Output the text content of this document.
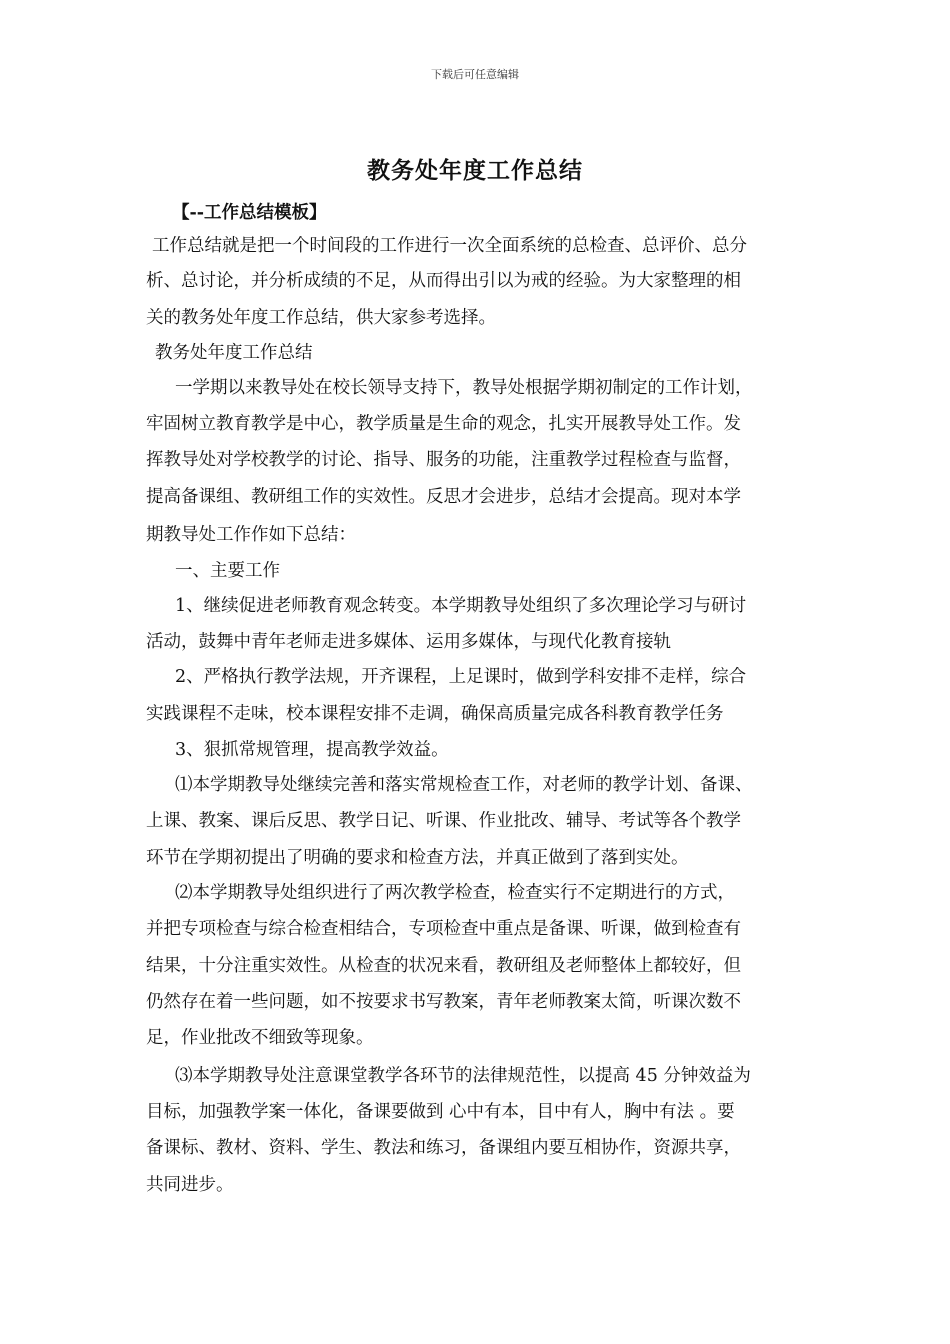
下载后可任意编辑
教务处年度工作总结
【--工作总结模板】
工作总结就是把一个时间段的工作进行一次全面系统的总检查、总评价、总分
析、总讨论，并分析成绩的不足，从而得出引以为戒的经验。为大家整理的相
关的教务处年度工作总结，供大家参考选择。
教务处年度工作总结
一学期以来教导处在校长领导支持下，教导处根据学期初制定的工作计划，
牢固树立教育教学是中心，教学质量是生命的观念，扎实开展教导处工作。发
挥教导处对学校教学的讨论、指导、服务的功能，注重教学过程检查与监督，
提高备课组、教研组工作的实效性。反思才会进步，总结才会提高。现对本学
期教导处工作作如下总结：
一、主要工作
1、继续促进老师教育观念转变。本学期教导处组织了多次理论学习与研讨
活动，鼓舞中青年老师走进多媒体、运用多媒体，与现代化教育接轨
2、严格执行教学法规，开齐课程，上足课时，做到学科安排不走样，综合
实践课程不走味，校本课程安排不走调，确保高质量完成各科教育教学任务
3、狠抓常规管理，提高教学效益。
⑴本学期教导处继续完善和落实常规检查工作，对老师的教学计划、备课、
上课、教案、课后反思、教学日记、听课、作业批改、辅导、考试等各个教学
环节在学期初提出了明确的要求和检查方法，并真正做到了落到实处。
⑵本学期教导处组织进行了两次教学检查，检查实行不定期进行的方式，
并把专项检查与综合检查相结合，专项检查中重点是备课、听课，做到检查有
结果，十分注重实效性。从检查的状况来看，教研组及老师整体上都较好，但
仍然存在着一些问题，如不按要求书写教案，青年老师教案太简，听课次数不
足，作业批改不细致等现象。
⑶本学期教导处注意课堂教学各环节的法律规范性，以提高 45 分钟效益为
目标，加强教学案一体化，备课要做到 心中有本，目中有人，胸中有法 。要
备课标、教材、资料、学生、教法和练习，备课组内要互相协作，资源共享，
共同进步。
